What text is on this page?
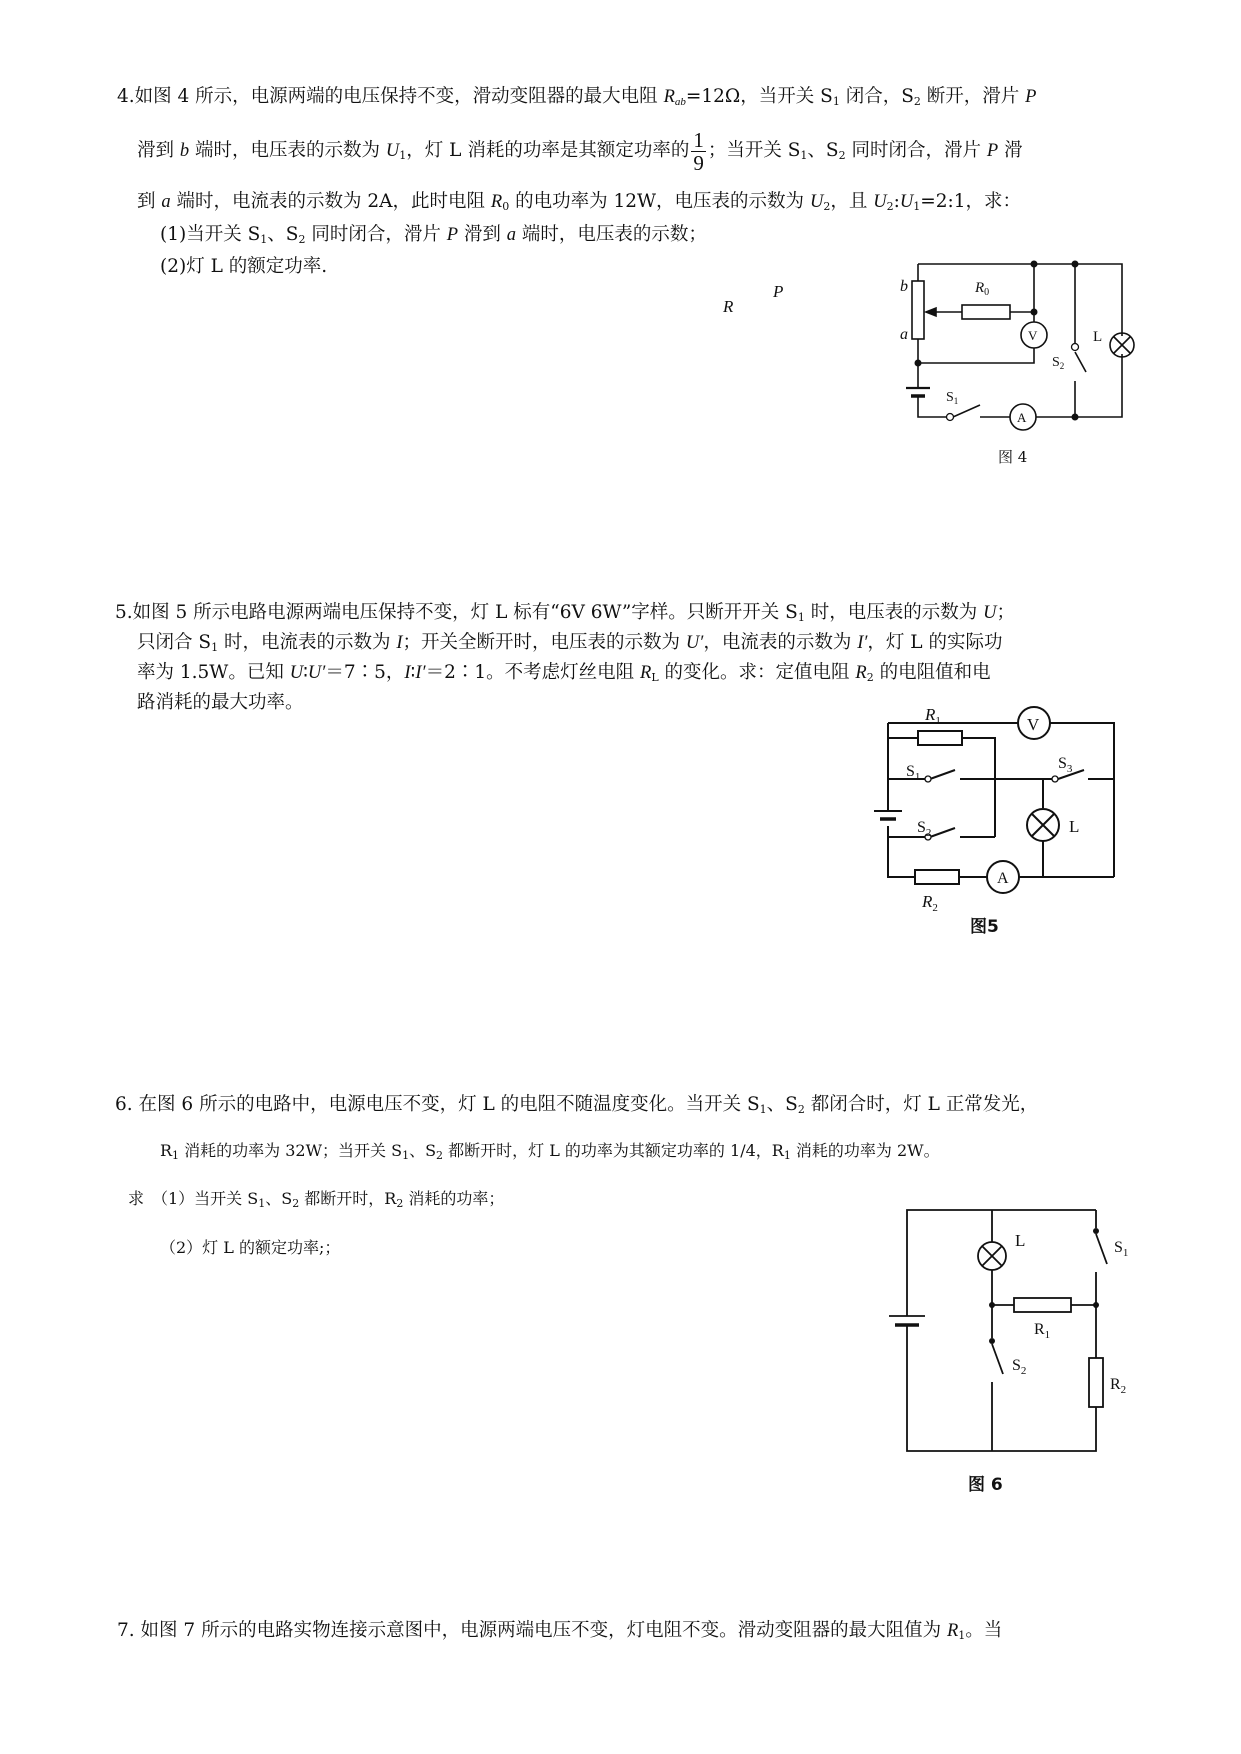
4.如图 4 所示，电源两端的电压保持不变，滑动变阻器的最大电阻 $R_{ab}=12\Omega$，当开关 $S_1$ 闭合，$S_2$ 断开，滑片 P
滑到 b 端时，电压表的示数为 $U_1$，灯 L 消耗的功率是其额定功率的 $\frac{1}{9}$ ；当开关 $S_1$、$S_2$ 同时闭合，滑片 P 滑
到 a 端时，电流表的示数为 2A，此时电阻 $R_0$ 的电功率为 12W，电压表的示数为 $U_2$，且 $U_2:U_1=2:1$，求：
(1)当开关 $S_1$、$S_2$ 同时闭合，滑片 P 滑到 a 端时，电压表的示数；
(2)灯 L 的额定功率.
R
P	b
a
$R_0$
V
$S_2$
L
$S_1$
A
图 4
5.如图 5 所示电路电源两端电压保持不变，灯 L 标有“6V 6W”字样。只断开开关 $S_1$ 时，电压表的示数为 U；
只闭合 $S_1$ 时，电流表的示数为 I；开关全断开时，电压表的示数为 U′，电流表的示数为 I′，灯 L 的实际功
率为 1.5W。已知 U∶U′＝7∶5，I∶I′＝2∶1。不考虑灯丝电阻 $R_L$ 的变化。求：定值电阻 $R_2$ 的电阻值和电
路消耗的最大功率。
$R_1$	V
$S_1$
$S_3$
$S_2$	L
$R_2$
A
图5
6. 在图 6 所示的电路中，电源电压不变，灯 L 的电阻不随温度变化。当开关 $S_1$、$S_2$ 都闭合时，灯 L 正常发光，
$R_1$ 消耗的功率为 32W；当开关 $S_1$、$S_2$ 都断开时，灯 L 的功率为其额定功率的 1/4，$R_1$ 消耗的功率为 2W。
求　（1）当开关 $S_1$、$S_2$ 都断开时，$R_2$ 消耗的功率；
（2）灯 L 的额定功率;；	L	$S_1$
$R_1$
$S_2$
$R_2$
图 6
7. 如图 7 所示的电路实物连接示意图中，电源两端电压不变，灯电阻不变。滑动变阻器的最大阻值为 $R_1$。当
